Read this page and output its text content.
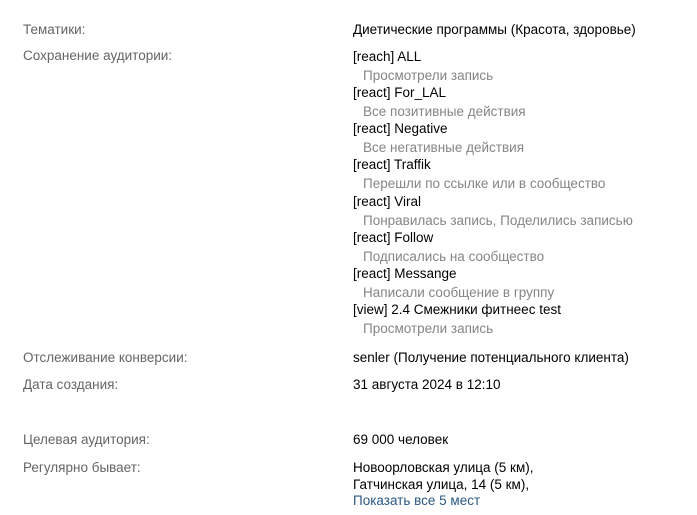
Тематики:	Диетические программы (Красота, здоровье)
Сохранение аудитории:	[reach] ALL
Просмотрели запись
[react] For_LAL
Все позитивные действия
[react] Negative
Все негативные действия
[react] Traffik
Перешли по ссылке или в сообщество
[react] Viral
Понравилась запись, Поделились записью
[react] Follow
Подписались на сообщество
[react] Messange
Написали сообщение в группу
[view] 2.4 Смежники фитнеес test
Просмотрели запись
Отслеживание конверсии:	senler (Получение потенциального клиента)
Дата создания:	31 августа 2024 в 12:10
Целевая аудитория:	69 000 человек
Регулярно бывает:	Новоорловская улица (5 км),
Гатчинская улица, 14 (5 км),
Показать все 5 мест
